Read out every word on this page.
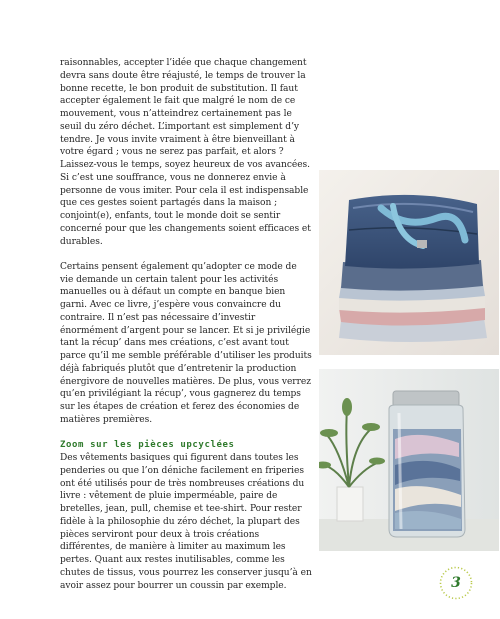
raisonnables, accepter l’idée que chaque changement devra sans doute être réajusté, le temps de trouver la bonne recette, le bon produit de substitution. Il faut accepter également le fait que malgré le nom de ce mouvement, vous n’atteindrez certainement pas le seuil du zéro déchet. L’important est simplement d’y tendre. Je vous invite vraiment à être bienveillant à votre égard ; vous ne serez pas parfait, et alors ? Laissez-vous le temps, soyez heureux de vos avancées. Si c’est une souffrance, vous ne donnerez envie à personne de vous imiter. Pour cela il est indispensable que ces gestes soient partagés dans la maison ; conjoint(e), enfants, tout le monde doit se sentir concerné pour que les changements soient efficaces et durables.

Certains pensent également qu’adopter ce mode de vie demande un certain talent pour les activités manuelles ou à défaut un compte en banque bien garni. Avec ce livre, j’espère vous convaincre du contraire. Il n’est pas nécessaire d’investir énormément d’argent pour se lancer. Et si je privilégie tant la récup’ dans mes créations, c’est avant tout parce qu’il me semble préférable d’utiliser les produits déjà fabriqués plutôt que d’entretenir la production énergivore de nouvelles matières. De plus, vous verrez qu’en privilégiant la récup’, vous gagnerez du temps sur les étapes de création et ferez des économies de matières premières.

Zoom sur les pièces upcyclées

Des vêtements basiques qui figurent dans toutes les penderies ou que l’on déniche facilement en friperies ont été utilisés pour de très nombreuses créations du livre : vêtement de pluie imperméable, paire de bretelles, jean, pull, chemise et tee-shirt. Pour rester fidèle à la philosophie du zéro déchet, la plupart des pièces serviront pour deux à trois créations différentes, de manière à limiter au maximum les pertes. Quant aux restes inutilisables, comme les chutes de tissus, vous pourrez les conserver jusqu’à en avoir assez pour bourrer un coussin par exemple.	3
